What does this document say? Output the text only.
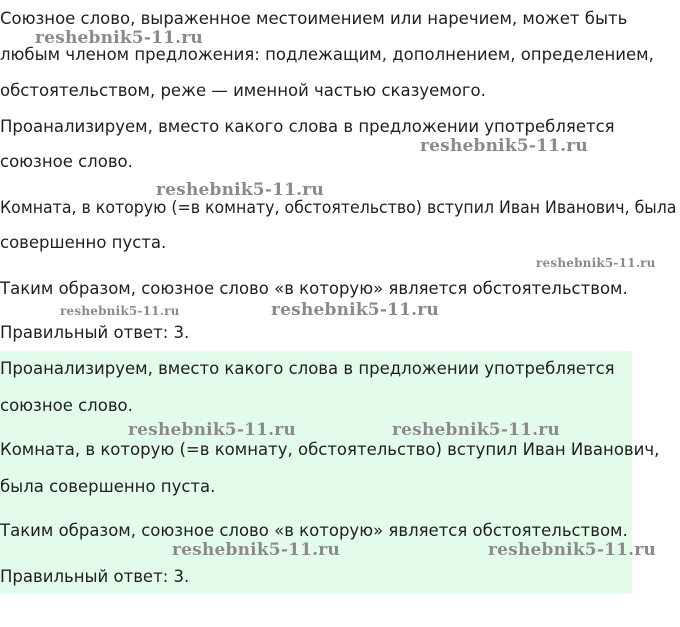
Союзное слово, выраженное местоимением или наречием, может быть
любым членом предложения: подлежащим, дополнением, определением,
обстоятельством, реже — именной частью сказуемого.
Проанализируем, вместо какого слова в предложении употребляется
союзное слово.
Комната, в которую (=в комнату, обстоятельство) вступил Иван Иванович, была
совершенно пуста.
Таким образом, союзное слово «в которую» является обстоятельством.
Правильный ответ: 3.
Проанализируем, вместо какого слова в предложении употребляется
союзное слово.
Комната, в которую (=в комнату, обстоятельство) вступил Иван Иванович,
была совершенно пуста.
Таким образом, союзное слово «в которую» является обстоятельством.
Правильный ответ: 3.
reshebnik5-11.ru
reshebnik5-11.ru
reshebnik5-11.ru
reshebnik5-11.ru
reshebnik5-11.ru	reshebnik5-11.ru
reshebnik5-11.ru	reshebnik5-11.ru
reshebnik5-11.ru	reshebnik5-11.ru
